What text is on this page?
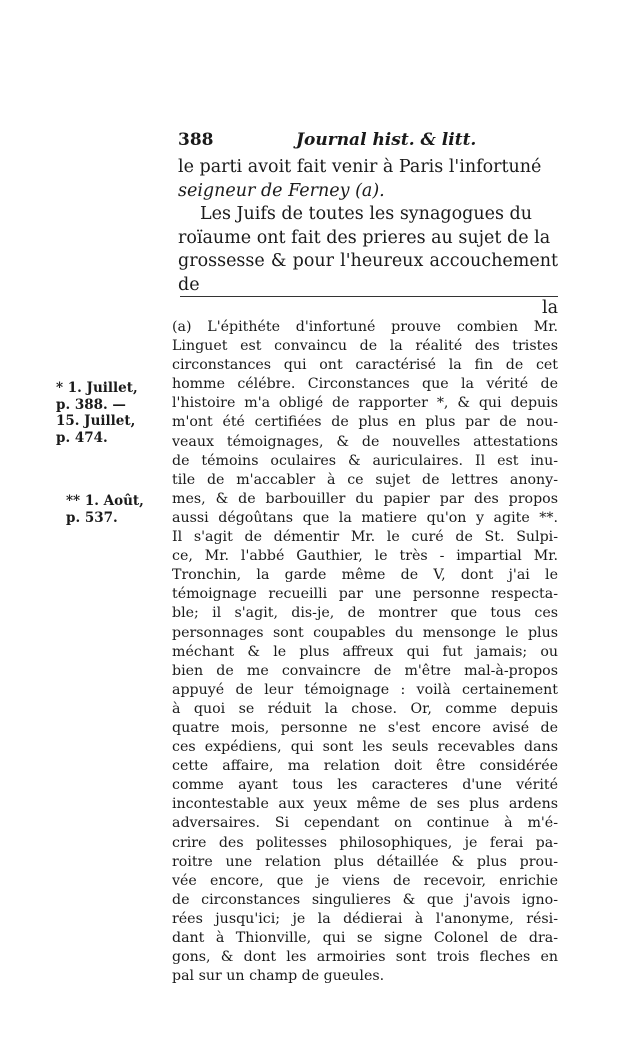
388	Journal hist. & litt.

le parti avoit fait venir à Paris l'infortuné

seigneur de Ferney (a).

Les Juifs de toutes les synagogues du

roïaume ont fait des prieres au sujet de la

grossesse & pour l'heureux accouchement de

la

* 1. Juillet,
p. 388. —
15. Juillet,
p. 474.
** 1. Août,
p. 537.
(a) L'épithéte d'infortuné prouve combien Mr.
Linguet est convaincu de la réalité des tristes
circonstances qui ont caractérisé la fin de cet
homme célébre. Circonstances que la vérité de
l'histoire m'a obligé de rapporter *, & qui depuis
m'ont été certifiées de plus en plus par de nou-
veaux témoignages, & de nouvelles attestations
de témoins oculaires & auriculaires. Il est inu-
tile de m'accabler à ce sujet de lettres anony-
mes, & de barbouiller du papier par des propos
aussi dégoûtans que la matiere qu'on y agite **.
Il s'agit de démentir Mr. le curé de St. Sulpi-
ce, Mr. l'abbé Gauthier, le très - impartial Mr.
Tronchin, la garde même de V, dont j'ai le
témoignage recueilli par une personne respecta-
ble; il s'agit, dis-je, de montrer que tous ces
personnages sont coupables du mensonge le plus
méchant & le plus affreux qui fut jamais; ou
bien de me convaincre de m'être mal-à-propos
appuyé de leur témoignage : voilà certainement
à quoi se réduit la chose. Or, comme depuis
quatre mois, personne ne s'est encore avisé de
ces expédiens, qui sont les seuls recevables dans
cette affaire, ma relation doit être considérée
comme ayant tous les caracteres d'une vérité
incontestable aux yeux même de ses plus ardens
adversaires. Si cependant on continue à m'é-
crire des politesses philosophiques, je ferai pa-
roitre une relation plus détaillée & plus prou-
vée encore, que je viens de recevoir, enrichie
de circonstances singulieres & que j'avois igno-
rées jusqu'ici; je la dédierai à l'anonyme, rési-
dant à Thionville, qui se signe Colonel de dra-
gons, & dont les armoiries sont trois fleches en
pal sur un champ de gueules.
